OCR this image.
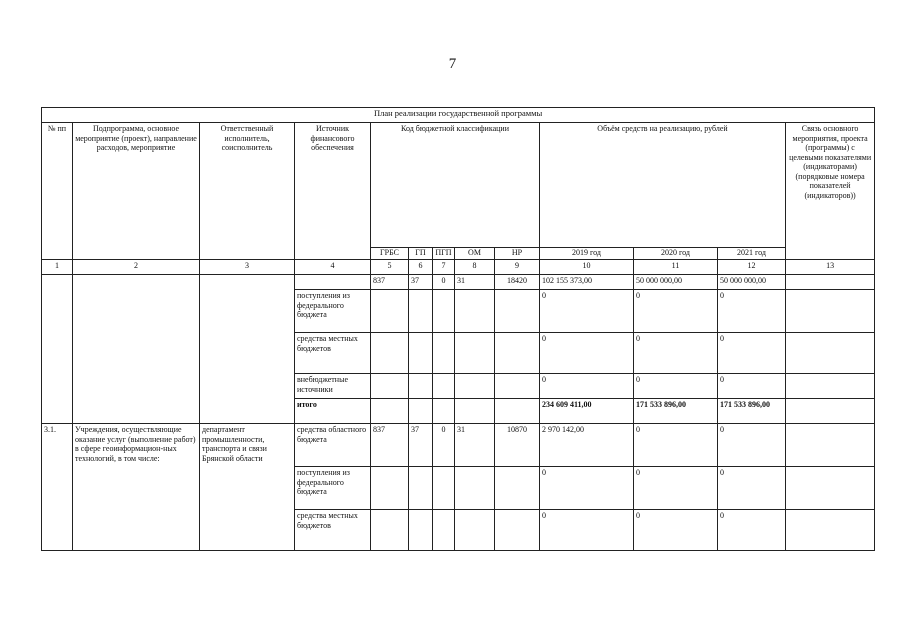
7
План реализации государственной программы												
№ пп	Подпрограмма, основное мероприятие (проект), направление расходов, мероприятие	Ответственный исполнитель, соисполнитель	Источник финансового обеспечения	Код бюджетной классификации					Объём средств на реализацию, рублей			Связь основного мероприятия, проекта (программы) с целевыми показателями (индикаторами) (порядковые номера показателей (индикаторов))
				ГРБС	ГП	ПГП	ОМ	НР	2019 год	2020 год	2021 год	
1	2	3	4	5	6	7	8	9	10	11	12	13
				837	37	0	31	18420	102 155 373,00	50 000 000,00	50 000 000,00	
			поступления из федерального бюджета						0	0	0	
			средства местных бюджетов						0	0	0	
			внебюджетные источники						0	0	0	
			итого						234 609 411,00	171 533 896,00	171 533 896,00	
3.1.	Учреждения, осуществляющие оказание услуг (выполнение работ) в сфере геоинформацион-ных технологий, в том числе:	департамент промышленности, транспорта и связи Брянской области	средства областного бюджета	837	37	0	31	10870	2 970 142,00	0	0	
			поступления из федерального бюджета						0	0	0	
			средства местных бюджетов						0	0	0	
